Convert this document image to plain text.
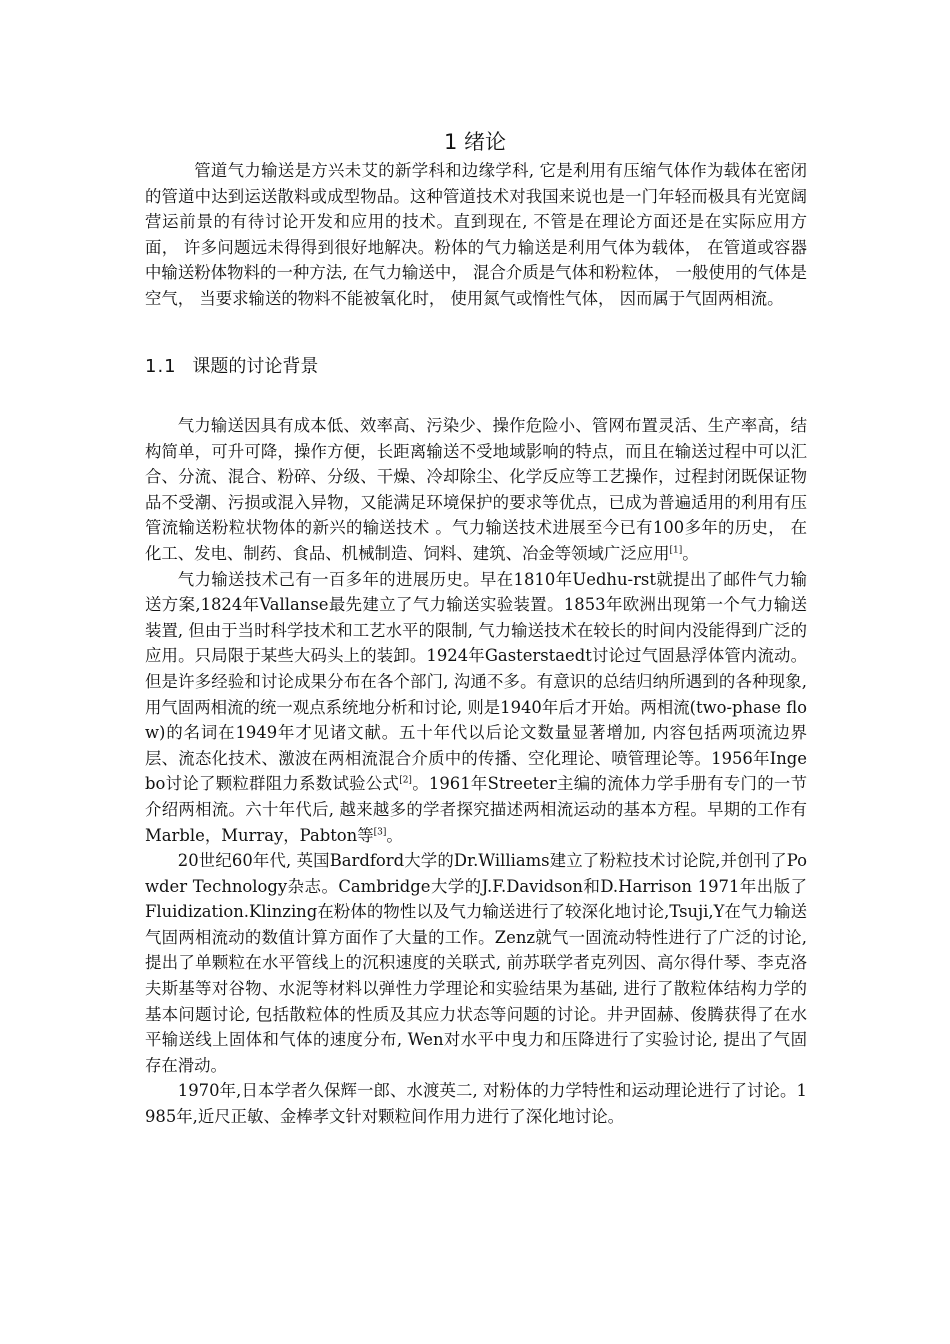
1 绪论

管道气力输送是方兴未艾的新学科和边缘学科, 它是利用有压缩气体作为载体在密闭的管道中达到运送散料或成型物品。这种管道技术对我国来说也是一门年轻而极具有光宽阔营运前景的有待讨论开发和应用的技术。直到现在, 不管是在理论方面还是在实际应用方面， 许多问题远未得得到很好地解决。粉体的气力输送是利用气体为载体， 在管道或容器中输送粉体物料的一种方法, 在气力输送中， 混合介质是气体和粉粒体， 一般使用的气体是空气， 当要求输送的物料不能被氧化时， 使用氮气或惰性气体， 因而属于气固两相流。

1.1 课题的讨论背景

气力输送因具有成本低、效率高、污染少、操作危险小、管网布置灵活、生产率高，结构简单，可升可降，操作方便，长距离输送不受地域影响的特点，而且在输送过程中可以汇合、分流、混合、粉碎、分级、干燥、冷却除尘、化学反应等工艺操作，过程封闭既保证物品不受潮、污损或混入异物，又能满足环境保护的要求等优点，已成为普遍适用的利用有压管流输送粉粒状物体的新兴的输送技术 。气力输送技术进展至今已有100多年的历史， 在化工、发电、制药、食品、机械制造、饲料、建筑、冶金等领域广泛应用[1]。

气力输送技术己有一百多年的进展历史。早在1810年Uedhu-rst就提出了邮件气力输送方案,1824年Vallanse最先建立了气力输送实验装置。1853年欧洲出现第一个气力输送装置, 但由于当时科学技术和工艺水平的限制, 气力输送技术在较长的时间内没能得到广泛的应用。只局限于某些大码头上的装卸。1924年Gasterstaedt讨论过气固悬浮体管内流动。但是许多经验和讨论成果分布在各个部门, 沟通不多。有意识的总结归纳所遇到的各种现象, 用气固两相流的统一观点系统地分析和讨论, 则是1940年后才开始。两相流(two-phase flow)的名词在1949年才见诸文献。五十年代以后论文数量显著增加, 内容包括两项流边界层、流态化技术、激波在两相流混合介质中的传播、空化理论、喷管理论等。1956年Ingebo讨论了颗粒群阻力系数试验公式[2]。1961年Streeter主编的流体力学手册有专门的一节介绍两相流。六十年代后, 越来越多的学者探究描述两相流运动的基本方程。早期的工作有Marble，Murray，Pabton等[3]。

20世纪60年代, 英国Bardford大学的Dr.Williams建立了粉粒技术讨论院,并创刊了Powder Technology杂志。Cambridge大学的J.F.Davidson和D.Harrison 1971年出版了Fluidization.Klinzing在粉体的物性以及气力输送进行了较深化地讨论,Tsuji,Y在气力输送气固两相流动的数值计算方面作了大量的工作。Zenz就气一固流动特性进行了广泛的讨论, 提出了单颗粒在水平管线上的沉积速度的关联式, 前苏联学者克列因、高尔得什琴、李克洛夫斯基等对谷物、水泥等材料以弹性力学理论和实验结果为基础, 进行了散粒体结构力学的基本问题讨论, 包括散粒体的性质及其应力状态等问题的讨论。井尹固赫、俊腾获得了在水平输送线上固体和气体的速度分布, Wen对水平中曳力和压降进行了实验讨论, 提出了气固存在滑动。

1970年,日本学者久保辉一郎、水渡英二, 对粉体的力学特性和运动理论进行了讨论。1985年,近尺正敏、金棒孝文针对颗粒间作用力进行了深化地讨论。
